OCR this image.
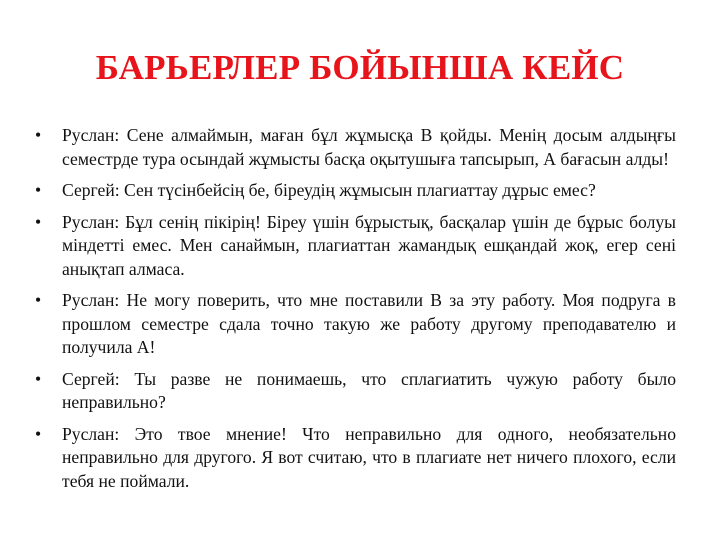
БАРЬЕРЛЕР БОЙЫНША КЕЙС
•	Руслан: Сене алмаймын, маған бұл жұмысқа B қойды. Менің досым алдыңғы семестрде тура осындай жұмысты басқа оқытушыға тапсырып, А бағасын алды!
•	Сергей: Сен түсінбейсің бе, біреудің жұмысын плагиаттау дұрыс емес?
•	Руслан: Бұл сенің пікірің! Біреу үшін бұрыстық, басқалар үшін де бұрыс болуы міндетті емес. Мен санаймын, плагиаттан жамандық ешқандай жоқ, егер сені анықтап алмаса.
•	Руслан: Не могу поверить, что мне поставили В за эту работу. Моя подруга в прошлом семестре сдала точно такую же работу другому преподавателю и получила А!
•	Сергей: Ты разве не понимаешь, что сплагиатить чужую работу было неправильно?
•	Руслан: Это твое мнение! Что неправильно для одного, необязательно неправильно для другого. Я вот считаю, что в плагиате нет ничего плохого, если тебя не поймали.
